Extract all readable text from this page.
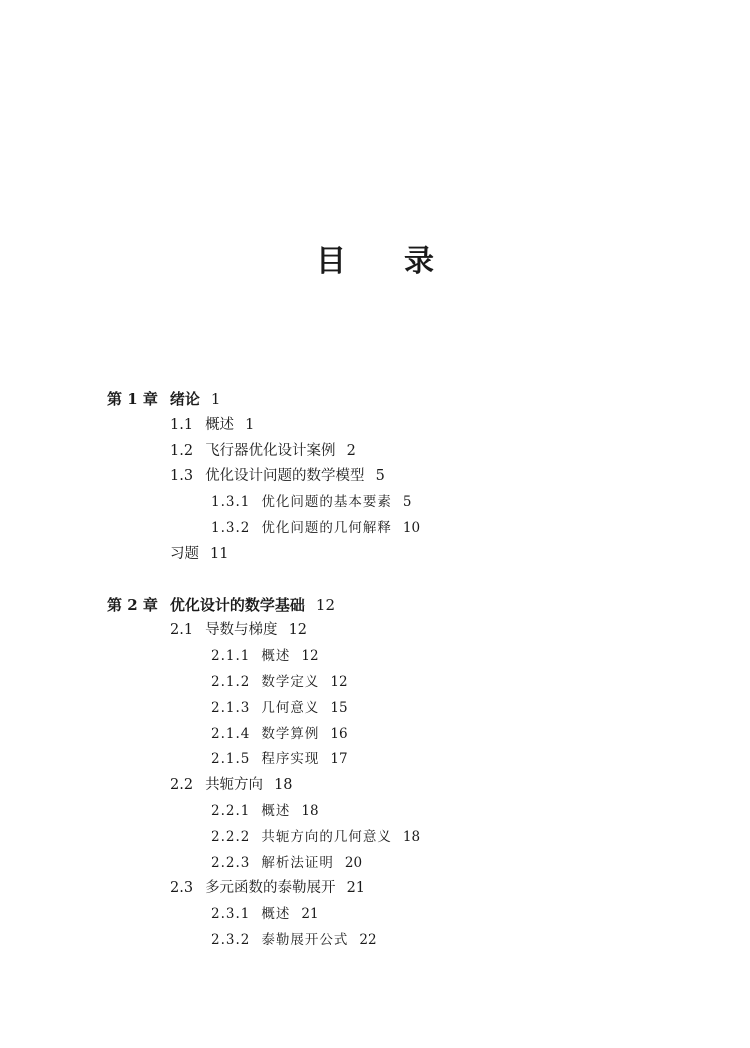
目 录
第 1 章 绪论 1
1.1 概述 1
1.2 飞行器优化设计案例 2
1.3 优化设计问题的数学模型 5
1.3.1 优化问题的基本要素 5
1.3.2 优化问题的几何解释 10
习题 11
第 2 章 优化设计的数学基础 12
2.1 导数与梯度 12
2.1.1 概述 12
2.1.2 数学定义 12
2.1.3 几何意义 15
2.1.4 数学算例 16
2.1.5 程序实现 17
2.2 共轭方向 18
2.2.1 概述 18
2.2.2 共轭方向的几何意义 18
2.2.3 解析法证明 20
2.3 多元函数的泰勒展开 21
2.3.1 概述 21
2.3.2 泰勒展开公式 22
